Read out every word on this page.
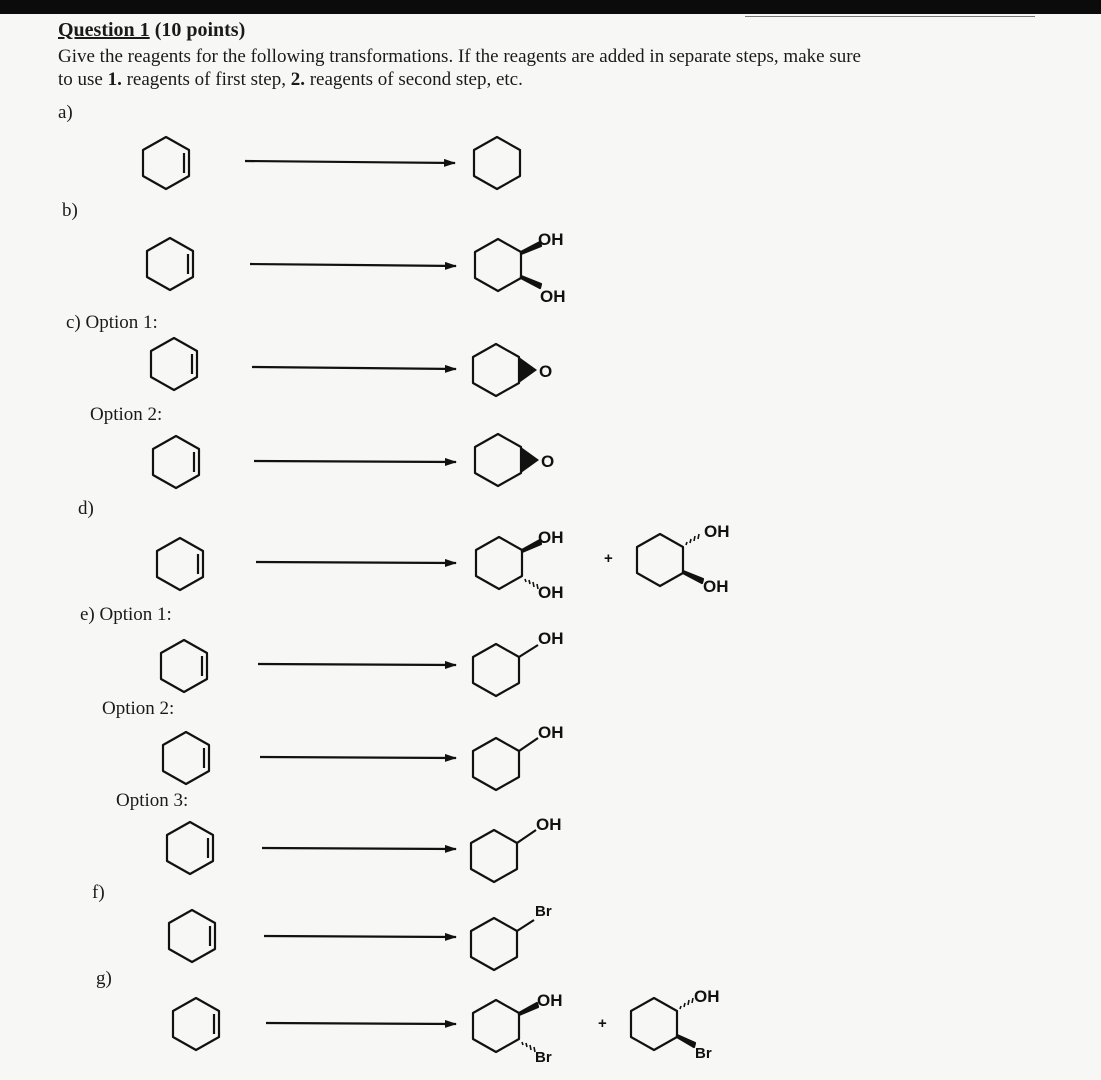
Question 1 (10 points)
Give the reagents for the following transformations. If the reagents are added in separate steps, make sure
to use 1. reagents of first step, 2. reagents of second step, etc.
a)
b)
c) Option 1:
Option 2:
d)
e) Option 1:
Option 2:
Option 3:
f)
g)
OH
OH
O
O
OH
OH
+
OH
OH
OH
OH
OH
Br
OH
Br
+
OH
Br
